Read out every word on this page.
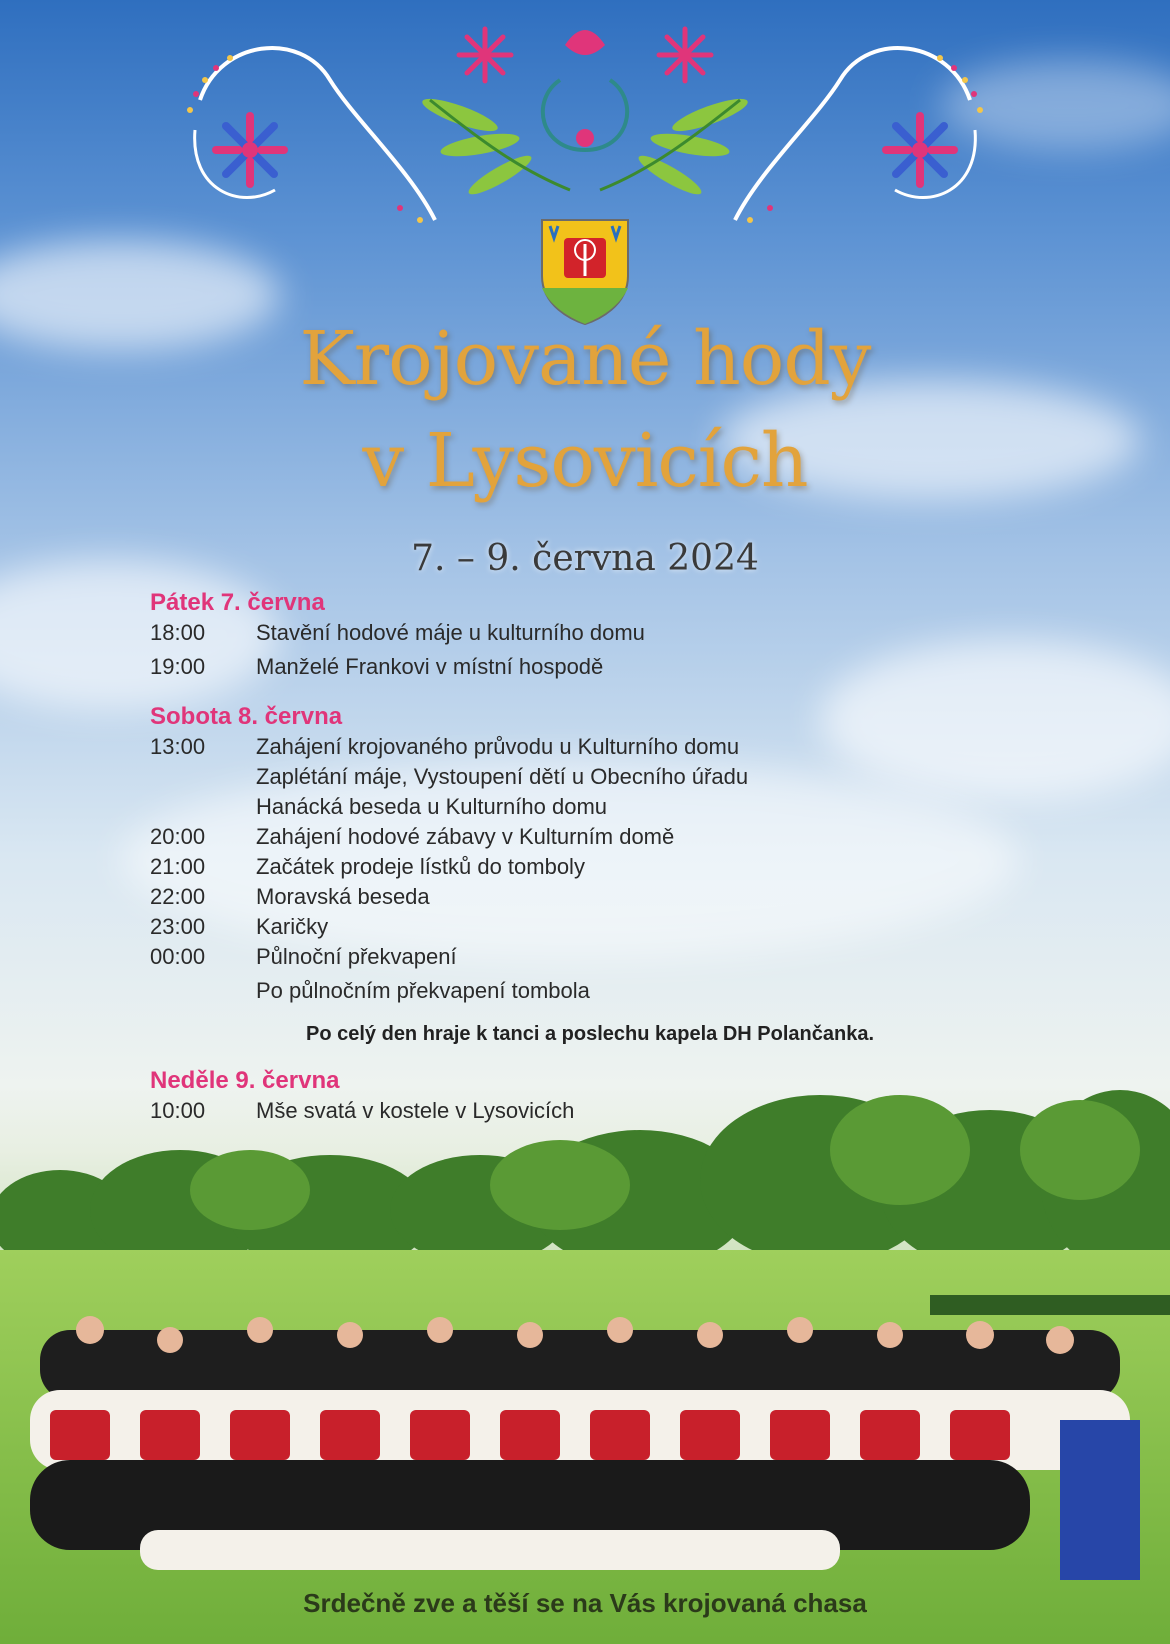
Krojované hody
v Lysovicích
7. – 9. června 2024
Pátek 7. června
18:00	Stavění hodové máje u kulturního domu
19:00	Manželé Frankovi v místní hospodě
Sobota 8. června
13:00	Zahájení krojovaného průvodu u Kulturního domu
Zaplétání máje, Vystoupení dětí u Obecního úřadu
Hanácká beseda u Kulturního domu
20:00	Zahájení hodové zábavy v Kulturním domě
21:00	Začátek prodeje lístků do tomboly
22:00	Moravská beseda
23:00	Karičky
00:00	Půlnoční překvapení
Po půlnočním překvapení tombola
Po celý den hraje k tanci a poslechu kapela DH Polančanka.
Neděle 9. června
10:00	Mše svatá v kostele v Lysovicích
Srdečně zve a těší se na Vás krojovaná chasa
